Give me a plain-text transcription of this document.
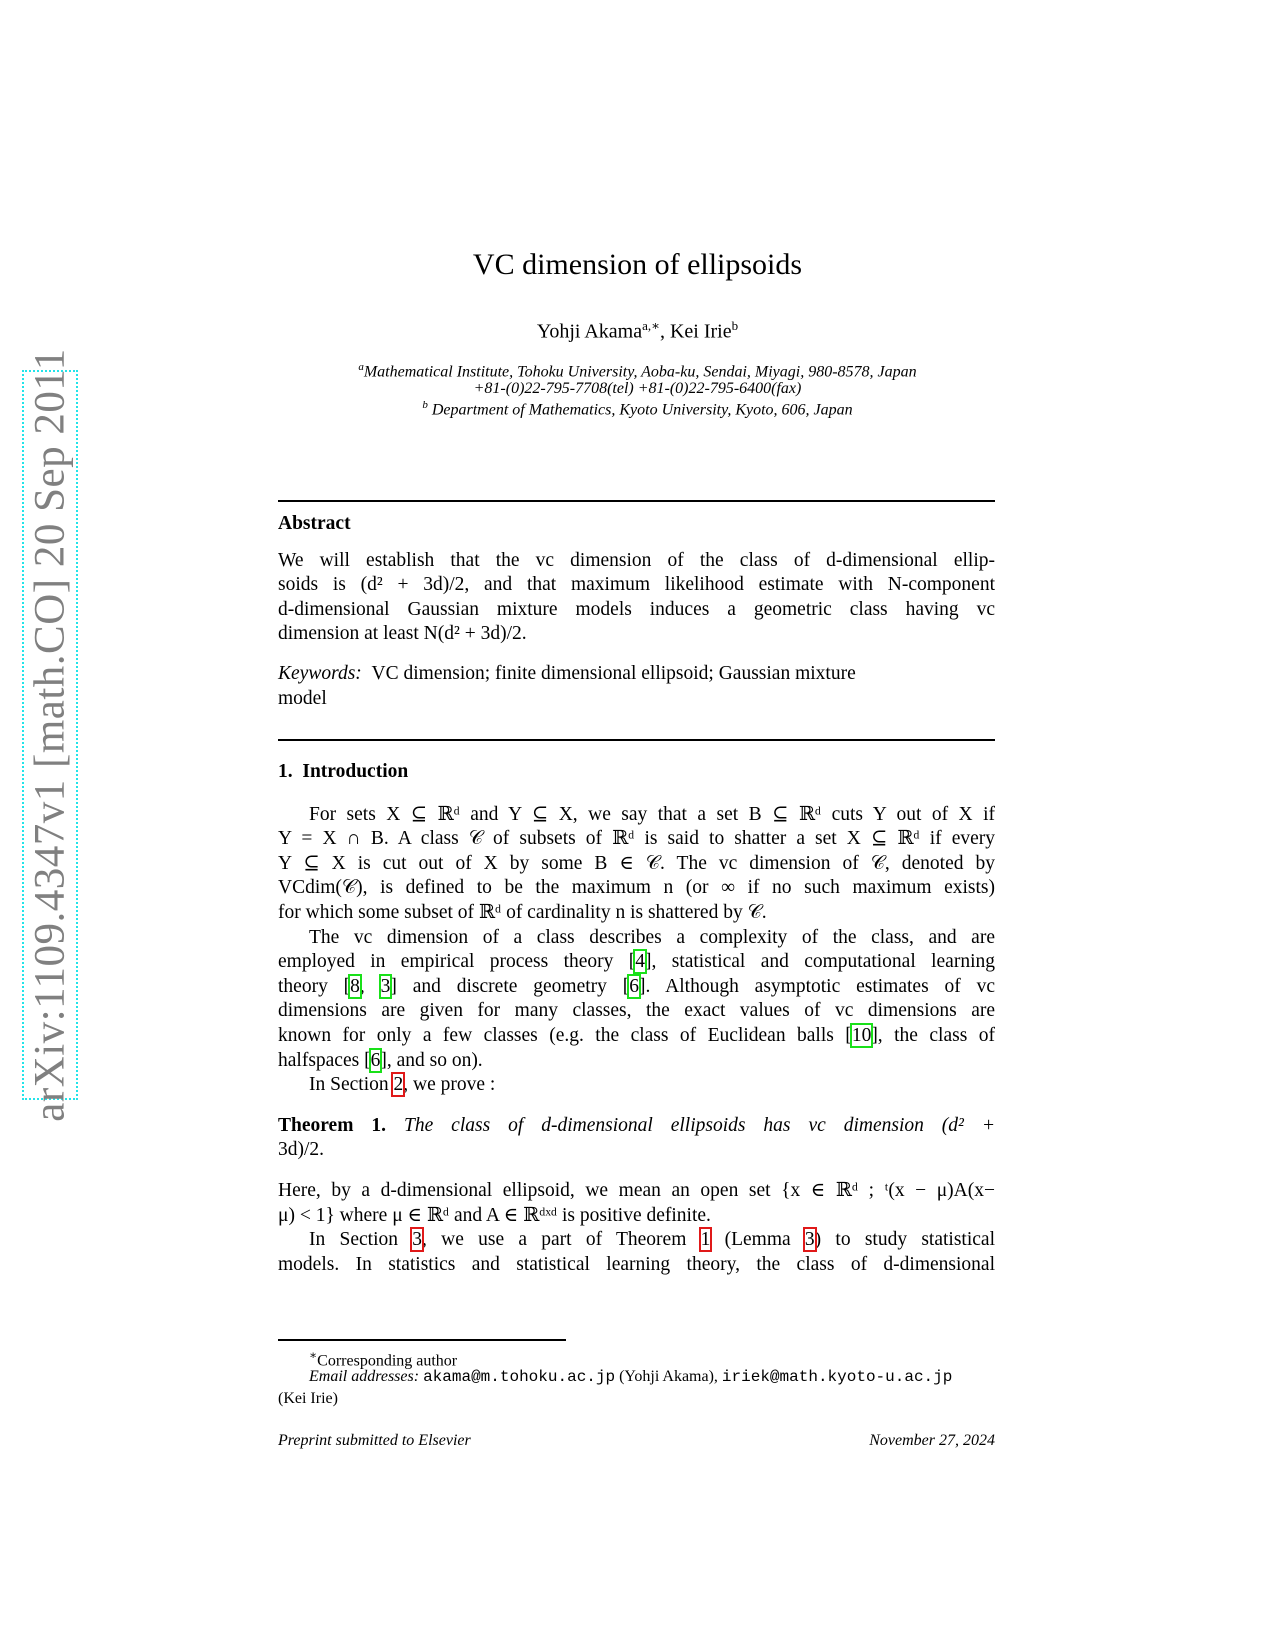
arXiv:1109.4347v1 [math.CO] 20 Sep 2011
VC dimension of ellipsoids
Yohji Akama$^{a,∗}$, Kei Irie$^b$
$^a$Mathematical Institute, Tohoku University, Aoba-ku, Sendai, Miyagi, 980-8578, Japan
+81-(0)22-795-7708(tel) +81-(0)22-795-6400(fax)
$^b$ Department of Mathematics, Kyoto University, Kyoto, 606, Japan
Abstract
We will establish that the vc dimension of the class of d-dimensional ellip-
soids is (d² + 3d)/2, and that maximum likelihood estimate with N-component
d-dimensional Gaussian mixture models induces a geometric class having vc
dimension at least N(d² + 3d)/2.
Keywords: VC dimension; finite dimensional ellipsoid; Gaussian mixture
model
1. Introduction
For sets X ⊆ ℝᵈ and Y ⊆ X, we say that a set B ⊆ ℝᵈ cuts Y out of X if
Y = X ∩ B. A class 𝒞 of subsets of ℝᵈ is said to shatter a set X ⊆ ℝᵈ if every
Y ⊆ X is cut out of X by some B ∈ 𝒞. The vc dimension of 𝒞, denoted by
VCdim(𝒞), is defined to be the maximum n (or ∞ if no such maximum exists)
for which some subset of ℝᵈ of cardinality n is shattered by 𝒞.
The vc dimension of a class describes a complexity of the class, and are
employed in empirical process theory [4], statistical and computational learning
theory [8, 3] and discrete geometry [6]. Although asymptotic estimates of vc
dimensions are given for many classes, the exact values of vc dimensions are
known for only a few classes (e.g. the class of Euclidean balls [10], the class of
halfspaces [6], and so on).
In Section 2, we prove :
Theorem 1. The class of d-dimensional ellipsoids has vc dimension (d² +
3d)/2.
Here, by a d-dimensional ellipsoid, we mean an open set {x ∈ ℝᵈ ; ᵗ(x − μ)A(x−
μ) < 1} where μ ∈ ℝᵈ and A ∈ ℝᵈˣᵈ is positive definite.
In Section 3, we use a part of Theorem 1 (Lemma 3) to study statistical
models. In statistics and statistical learning theory, the class of d-dimensional
∗Corresponding author
Email addresses: akama@m.tohoku.ac.jp (Yohji Akama), iriek@math.kyoto-u.ac.jp
(Kei Irie)
Preprint submitted to Elsevier	November 27, 2024
